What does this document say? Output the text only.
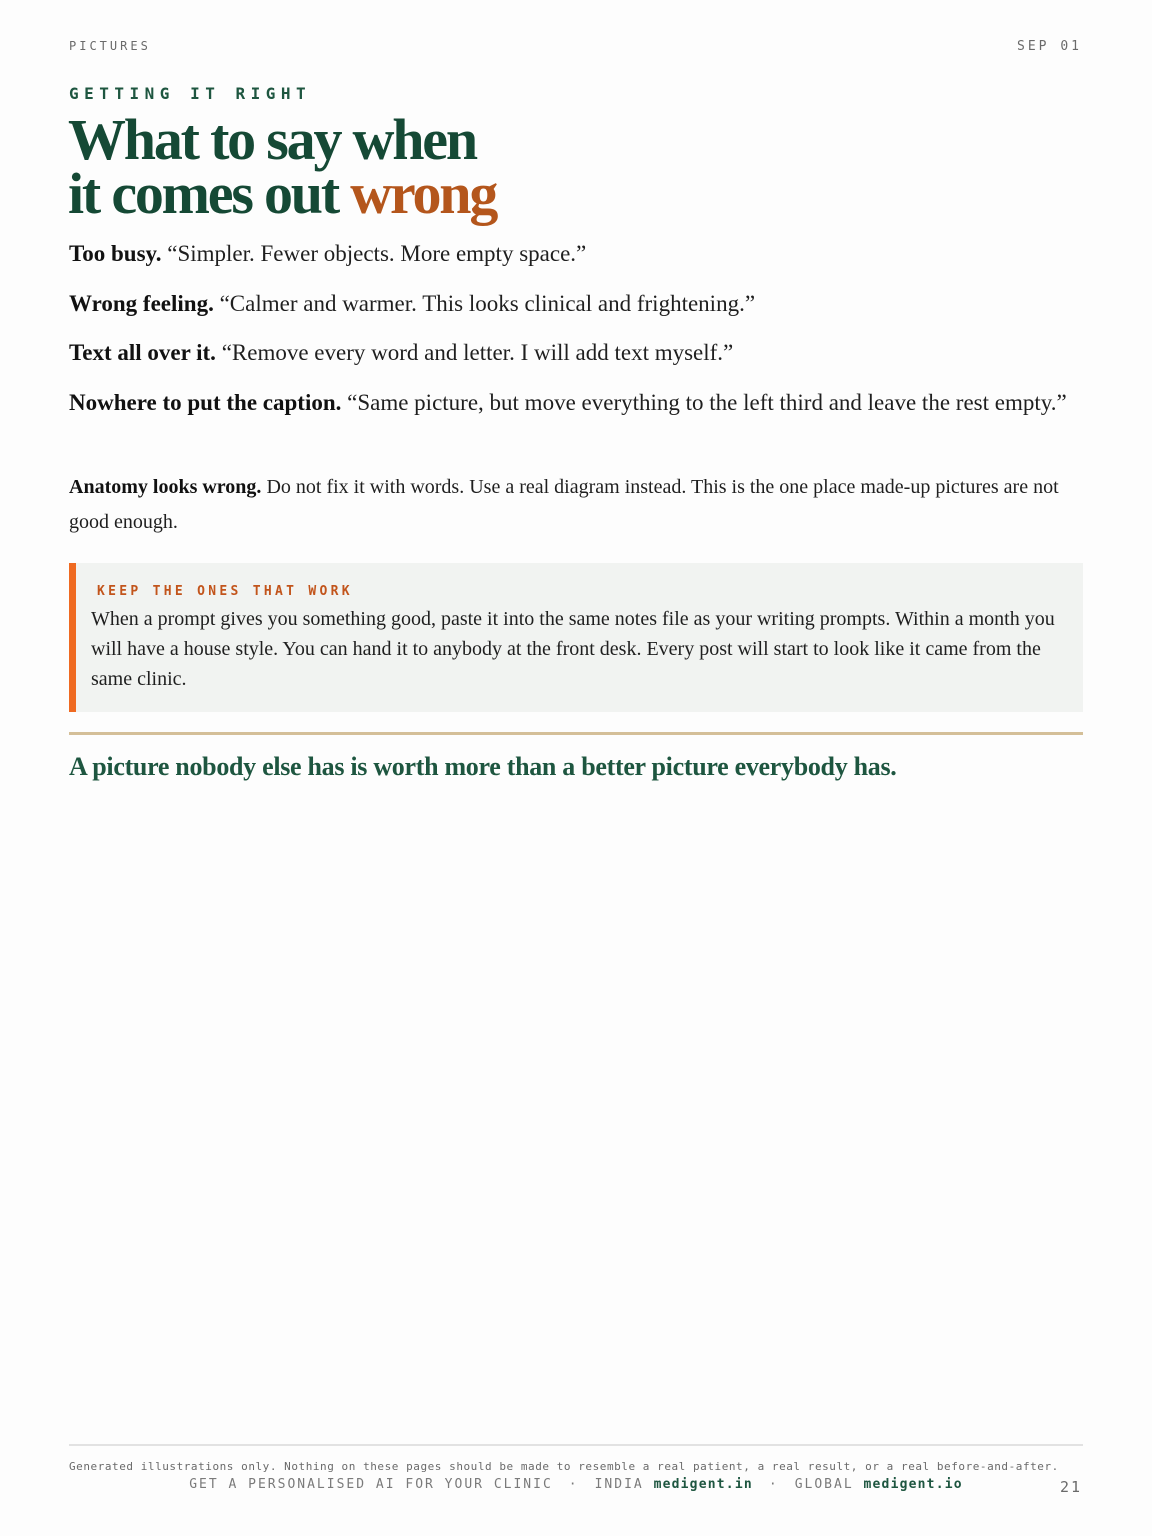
PICTURES	SEP 01
GETTING IT RIGHT
What to say when
it comes out wrong
Too busy. “Simpler. Fewer objects. More empty space.”
Wrong feeling. “Calmer and warmer. This looks clinical and frightening.”
Text all over it. “Remove every word and letter. I will add text myself.”
Nowhere to put the caption. “Same picture, but move everything to the left third and leave the rest empty.”
Anatomy looks wrong. Do not fix it with words. Use a real diagram instead. This is the one place made-up pictures are not good enough.
KEEP THE ONES THAT WORK
When a prompt gives you something good, paste it into the same notes file as your writing prompts. Within a month you will have a house style. You can hand it to anybody at the front desk. Every post will start to look like it came from the same clinic.
A picture nobody else has is worth more than a better picture everybody has.
Generated illustrations only. Nothing on these pages should be made to resemble a real patient, a real result, or a real before-and-after.
GET A PERSONALISED AI FOR YOUR CLINIC · INDIA medigent.in · GLOBAL medigent.io	21
